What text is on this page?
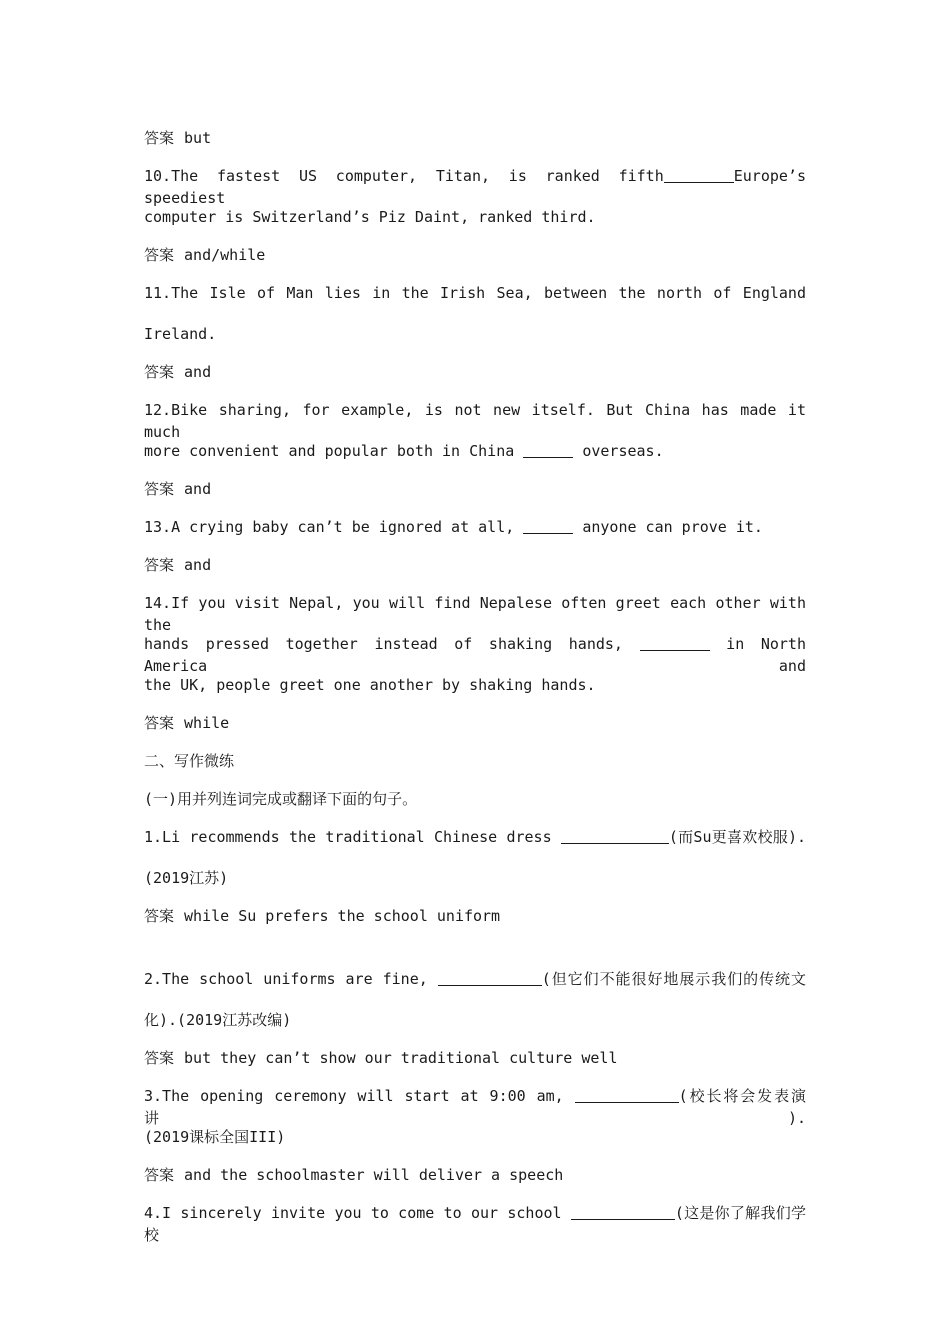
答案 but
10.The fastest US computer, Titan, is ranked fifth	Europe’s speediest
computer is Switzerland’s Piz Daint, ranked third.
答案 and/while
11.The Isle of Man lies in the Irish Sea, between the north of England
Ireland.
答案 and
12.Bike sharing, for example, is not new itself. But China has made it much
more convenient and popular both in China	overseas.
答案 and
13.A crying baby can’t be ignored at all,	anyone can prove it.
答案 and
14.If you visit Nepal, you will find Nepalese often greet each other with the
hands pressed together instead of shaking hands,	in North America and
the UK, people greet one another by shaking hands.
答案 while
二、写作微练
(一)用并列连词完成或翻译下面的句子。
1.Li recommends the traditional Chinese dress	(而Su更喜欢校服).
(2019江苏)
答案 while Su prefers the school uniform
2.The school uniforms are fine,	(但它们不能很好地展示我们的传统文
化).(2019江苏改编)
答案 but they can’t show our traditional culture well
3.The opening ceremony will start at 9:00 am,	(校长将会发表演讲).
(2019课标全国III)
答案 and the schoolmaster will deliver a speech
4.I sincerely invite you to come to our school	(这是你了解我们学校
